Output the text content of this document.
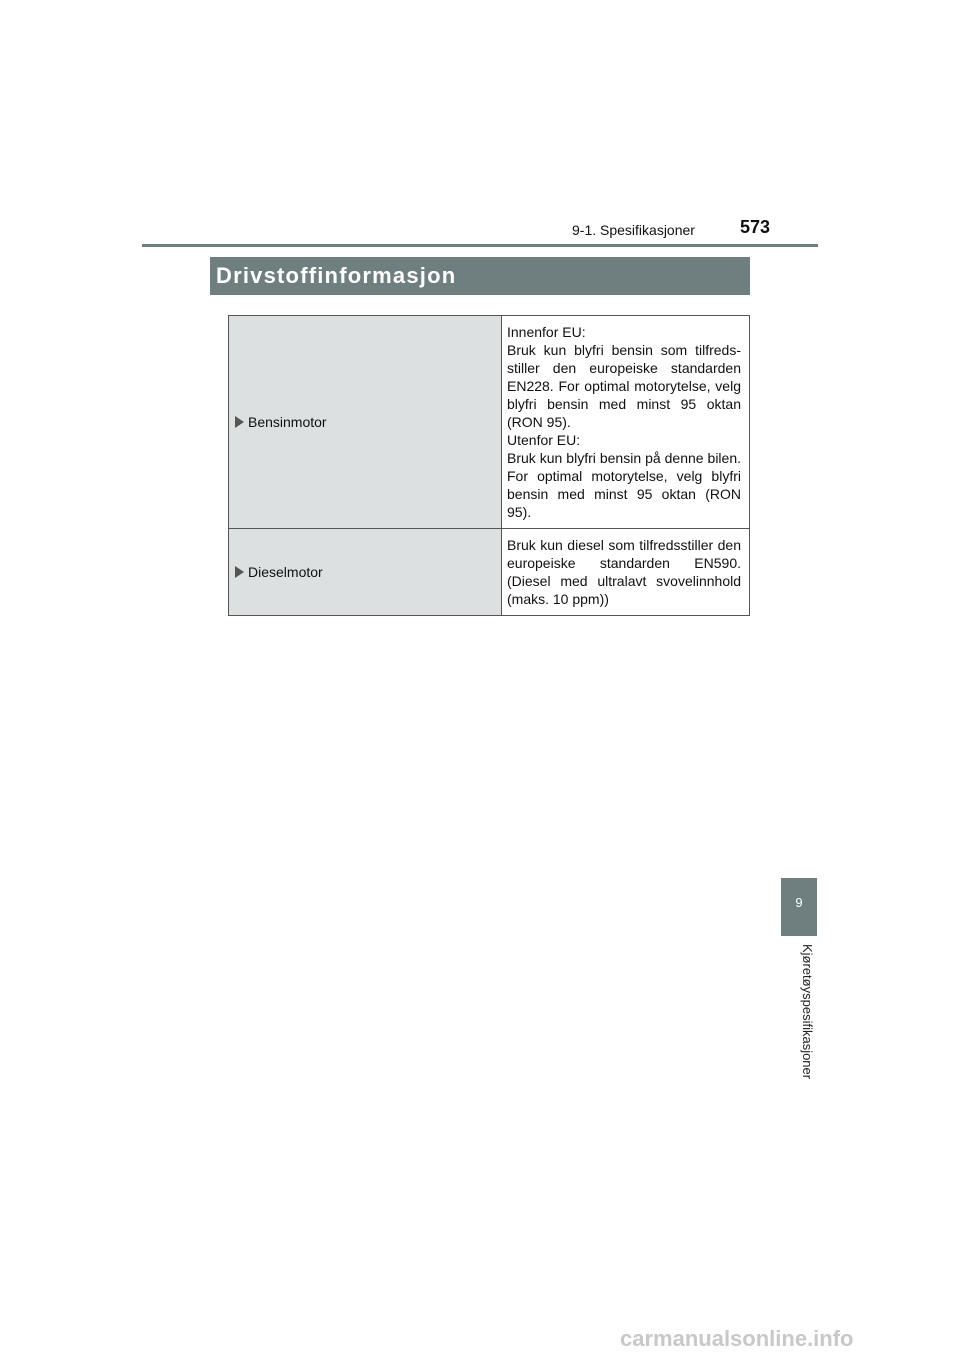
9-1. Spesifikasjoner	573
Drivstoffinformasjon
Bensinmotor	Innenfor EU:
Bruk kun blyfri bensin som tilfreds-stiller den europeiske standarden EN228. For optimal motorytelse, velg blyfri bensin med minst 95 oktan (RON 95).
Utenfor EU:
Bruk kun blyfri bensin på denne bilen. For optimal motorytelse, velg blyfri bensin med minst 95 oktan (RON 95).

Dieselmotor	Bruk kun diesel som tilfredsstiller den europeiske standarden EN590. (Diesel med ultralavt svovelinnhold (maks. 10 ppm))
9
Kjøretøyspesifikasjoner
carmanualsonline.info
